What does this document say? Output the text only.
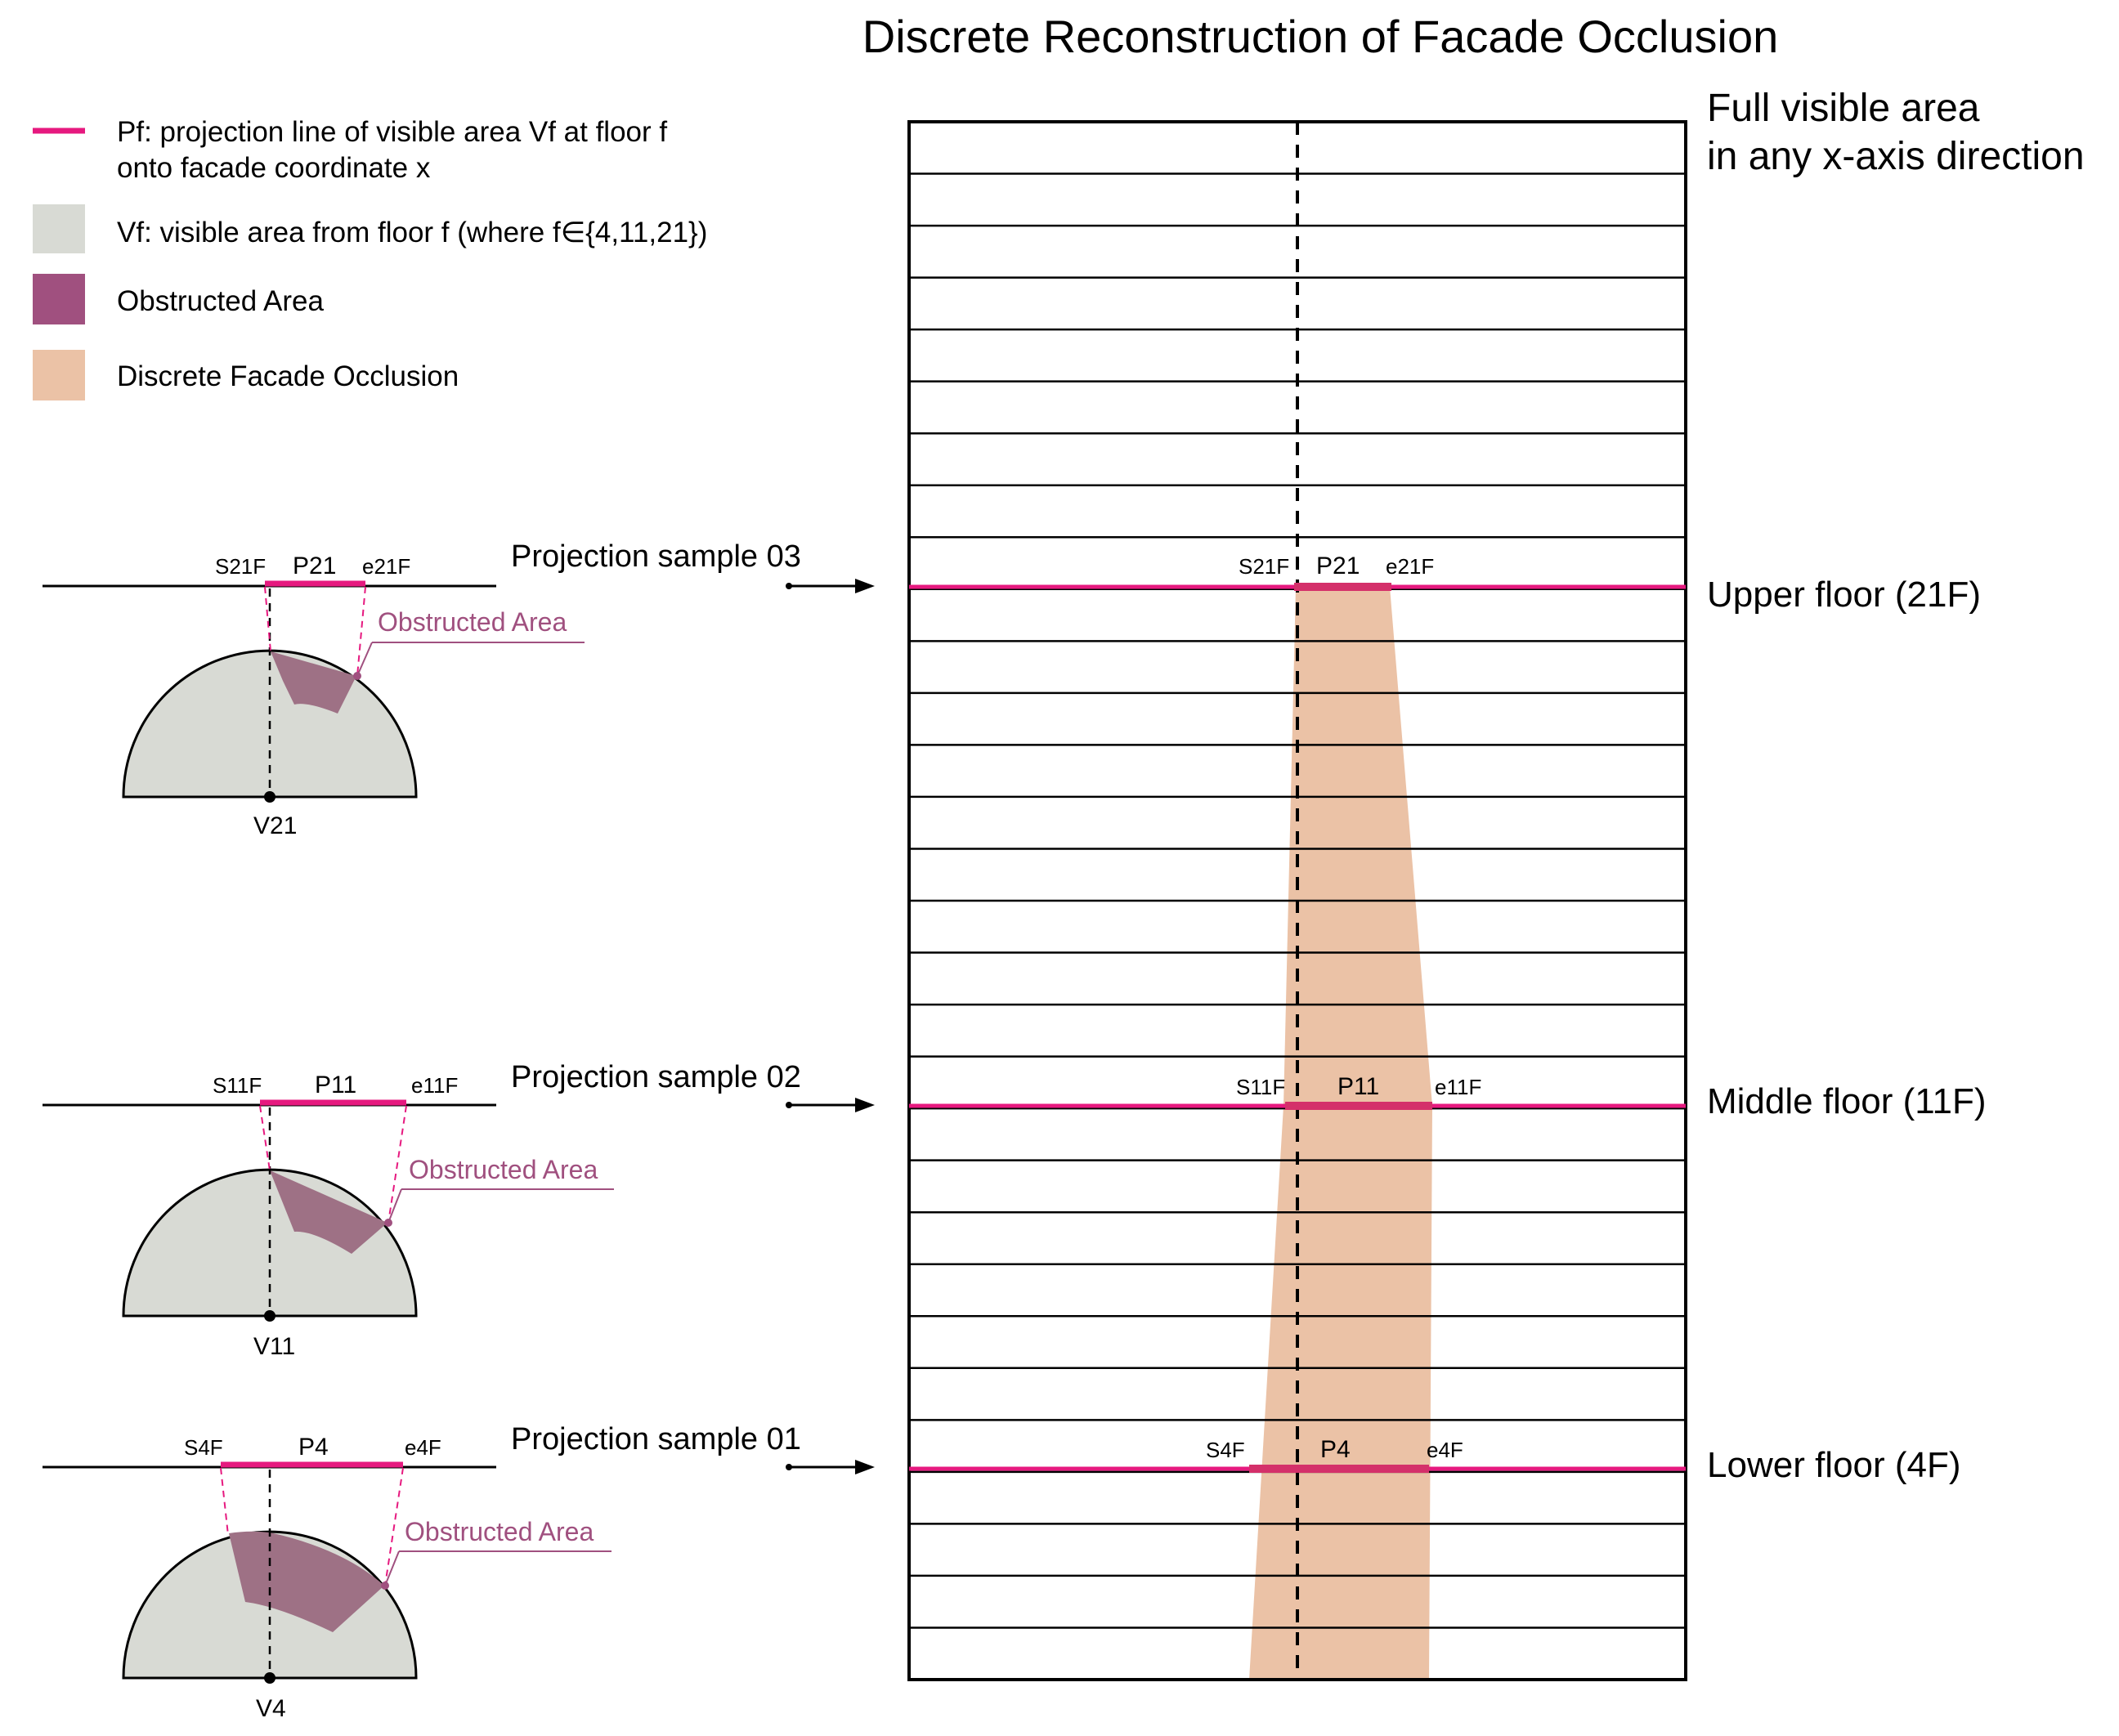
Discrete Reconstruction of Facade Occlusion
Pf: projection line of visible area Vf at floor f
onto facade coordinate x
Vf: visible area from floor f (where f∈{4,11,21})
Obstructed Area
Discrete Facade Occlusion
S21F P21 e21F
S11F P11	e11F
S4F	P4	e4F
Full visible area
in any x-axis direction
Upper floor (21F)
Middle floor (11F)
Lower floor (4F)
S21F P21 e21F	Projection sample 03
Obstructed Area
V21
S11F P11	e11F Projection sample 02
Obstructed Area
V11
S4F	P4	e4F Projection sample 01
Obstructed Area
V4
